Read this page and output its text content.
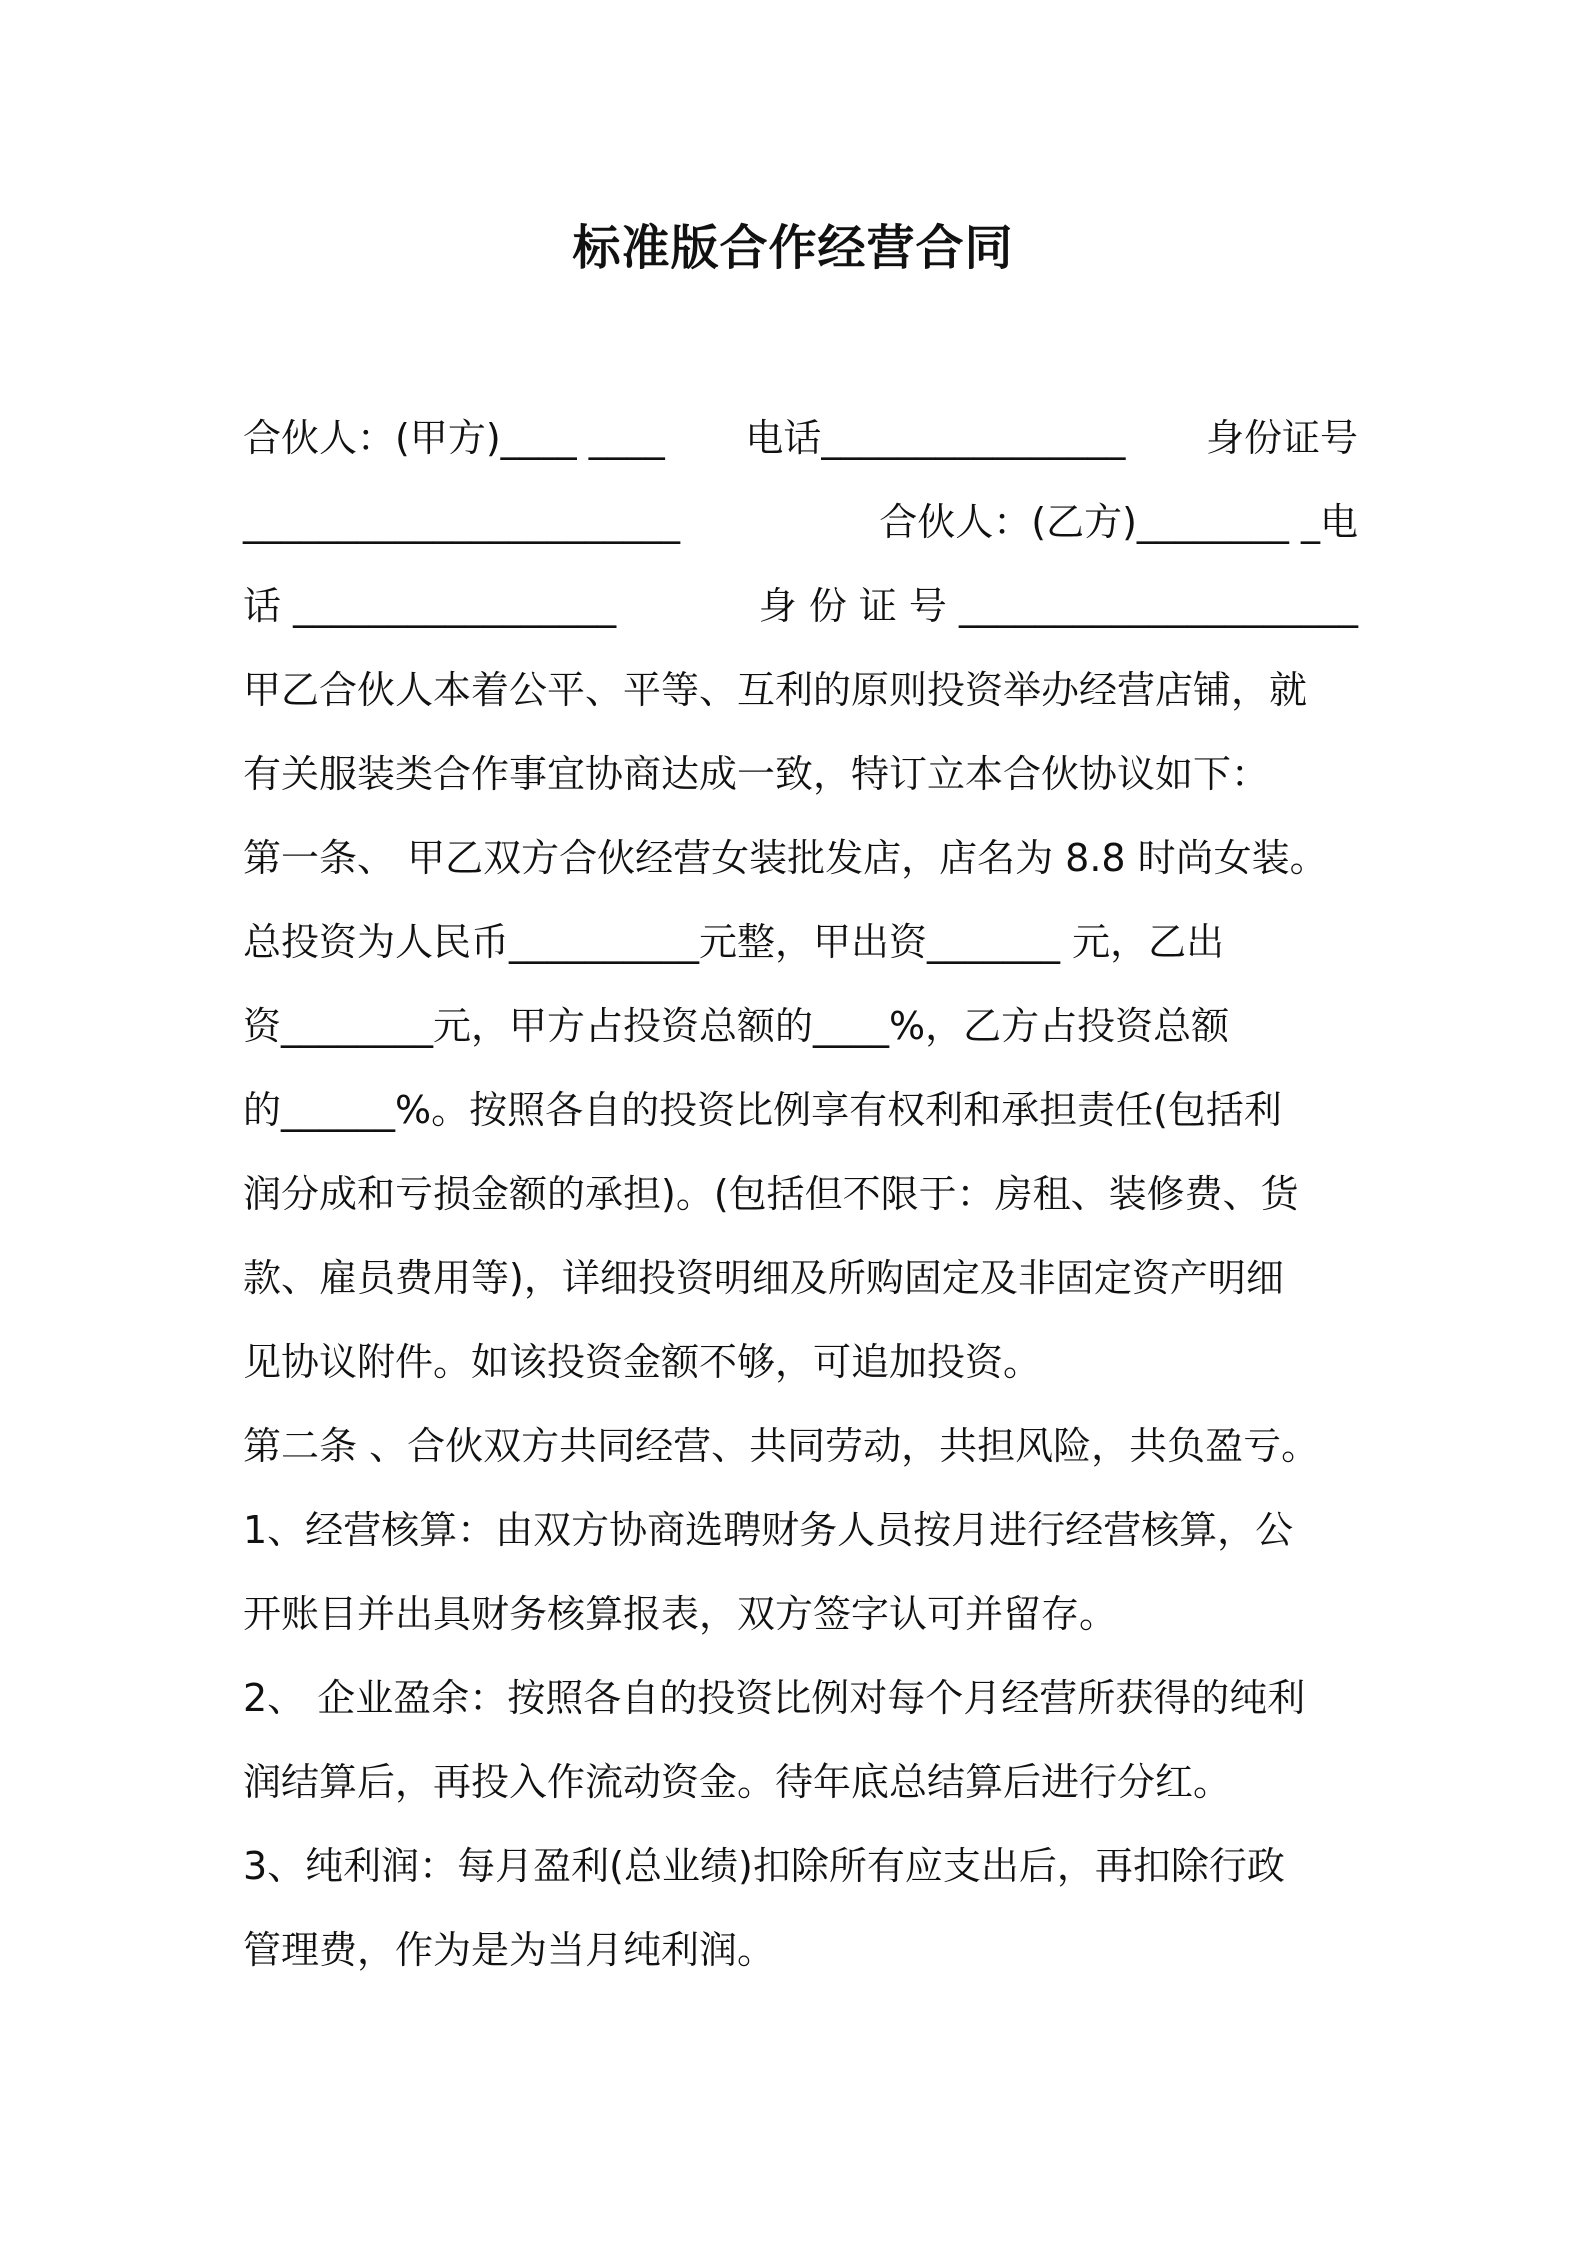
标准版合作经营合同
合伙人：(甲方)____ ____ 电话________________ 身份证号
_______________________	合伙人：(乙方)________ _电
话 _________________	身 份 证 号 _____________________
甲乙合伙人本着公平、平等、互利的原则投资举办经营店铺，就
有关服装类合作事宜协商达成一致，特订立本合伙协议如下：
第一条、 甲乙双方合伙经营女装批发店，店名为 8.8 时尚女装。
总投资为人民币__________元整，甲出资_______ 元，乙出
资________元，甲方占投资总额的____%，乙方占投资总额
的______%。按照各自的投资比例享有权利和承担责任(包括利
润分成和亏损金额的承担)。(包括但不限于：房租、装修费、货
款、雇员费用等)，详细投资明细及所购固定及非固定资产明细
见协议附件。如该投资金额不够，可追加投资。
第二条 、合伙双方共同经营、共同劳动，共担风险，共负盈亏。
1、经营核算：由双方协商选聘财务人员按月进行经营核算，公
开账目并出具财务核算报表，双方签字认可并留存。
2、 企业盈余：按照各自的投资比例对每个月经营所获得的纯利
润结算后，再投入作流动资金。待年底总结算后进行分红。
3、纯利润：每月盈利(总业绩)扣除所有应支出后，再扣除行政
管理费，作为是为当月纯利润。
